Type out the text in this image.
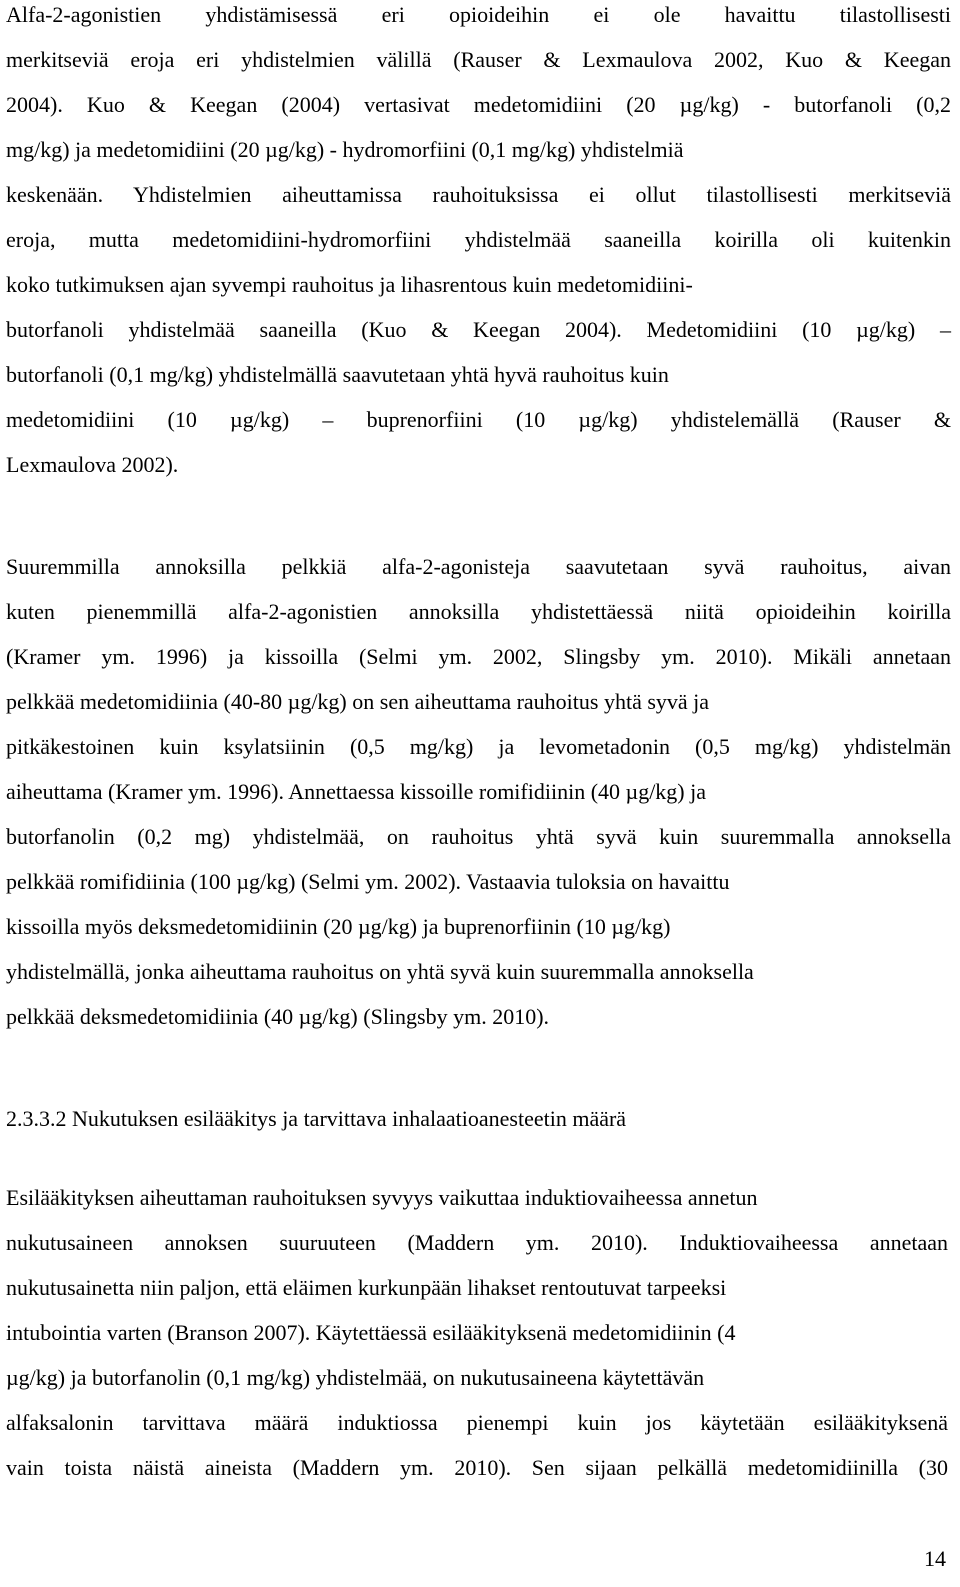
Alfa-2-agonistien yhdistämisessä eri opioideihin ei ole havaittu tilastollisesti
merkitseviä eroja eri yhdistelmien välillä (Rauser & Lexmaulova 2002, Kuo & Keegan
2004). Kuo & Keegan (2004) vertasivat medetomidiini (20 µg/kg) - butorfanoli (0,2
mg/kg) ja medetomidiini (20 µg/kg) - hydromorfiini (0,1 mg/kg) yhdistelmiä
keskenään. Yhdistelmien aiheuttamissa rauhoituksissa ei ollut tilastollisesti merkitseviä
eroja, mutta medetomidiini-hydromorfiini yhdistelmää saaneilla koirilla oli kuitenkin
koko tutkimuksen ajan syvempi rauhoitus ja lihasrentous kuin medetomidiini-
butorfanoli yhdistelmää saaneilla (Kuo & Keegan 2004). Medetomidiini (10 µg/kg) –
butorfanoli (0,1 mg/kg) yhdistelmällä saavutetaan yhtä hyvä rauhoitus kuin
medetomidiini (10 µg/kg) – buprenorfiini (10 µg/kg) yhdistelemällä (Rauser &
Lexmaulova 2002).
Suuremmilla annoksilla pelkkiä alfa-2-agonisteja saavutetaan syvä rauhoitus, aivan
kuten pienemmillä alfa-2-agonistien annoksilla yhdistettäessä niitä opioideihin koirilla
(Kramer ym. 1996) ja kissoilla (Selmi ym. 2002, Slingsby ym. 2010). Mikäli annetaan
pelkkää medetomidiinia (40-80 µg/kg) on sen aiheuttama rauhoitus yhtä syvä ja
pitkäkestoinen kuin ksylatsiinin (0,5 mg/kg) ja levometadonin (0,5 mg/kg) yhdistelmän
aiheuttama (Kramer ym. 1996). Annettaessa kissoille romifidiinin (40 µg/kg) ja
butorfanolin (0,2 mg) yhdistelmää, on rauhoitus yhtä syvä kuin suuremmalla annoksella
pelkkää romifidiinia (100 µg/kg) (Selmi ym. 2002). Vastaavia tuloksia on havaittu
kissoilla myös deksmedetomidiinin (20 µg/kg) ja buprenorfiinin (10 µg/kg)
yhdistelmällä, jonka aiheuttama rauhoitus on yhtä syvä kuin suuremmalla annoksella
pelkkää deksmedetomidiinia (40 µg/kg) (Slingsby ym. 2010).
2.3.3.2 Nukutuksen esilääkitys ja tarvittava inhalaatioanesteetin määrä
Esilääkityksen aiheuttaman rauhoituksen syvyys vaikuttaa induktiovaiheessa annetun
nukutusaineen annoksen suuruuteen (Maddern ym. 2010). Induktiovaiheessa annetaan
nukutusainetta niin paljon, että eläimen kurkunpään lihakset rentoutuvat tarpeeksi
intubointia varten (Branson 2007). Käytettäessä esilääkityksenä medetomidiinin (4
µg/kg) ja butorfanolin (0,1 mg/kg) yhdistelmää, on nukutusaineena käytettävän
alfaksalonin tarvittava määrä induktiossa pienempi kuin jos käytetään esilääkityksenä
vain toista näistä aineista (Maddern ym. 2010). Sen sijaan pelkällä medetomidiinilla (30
14
